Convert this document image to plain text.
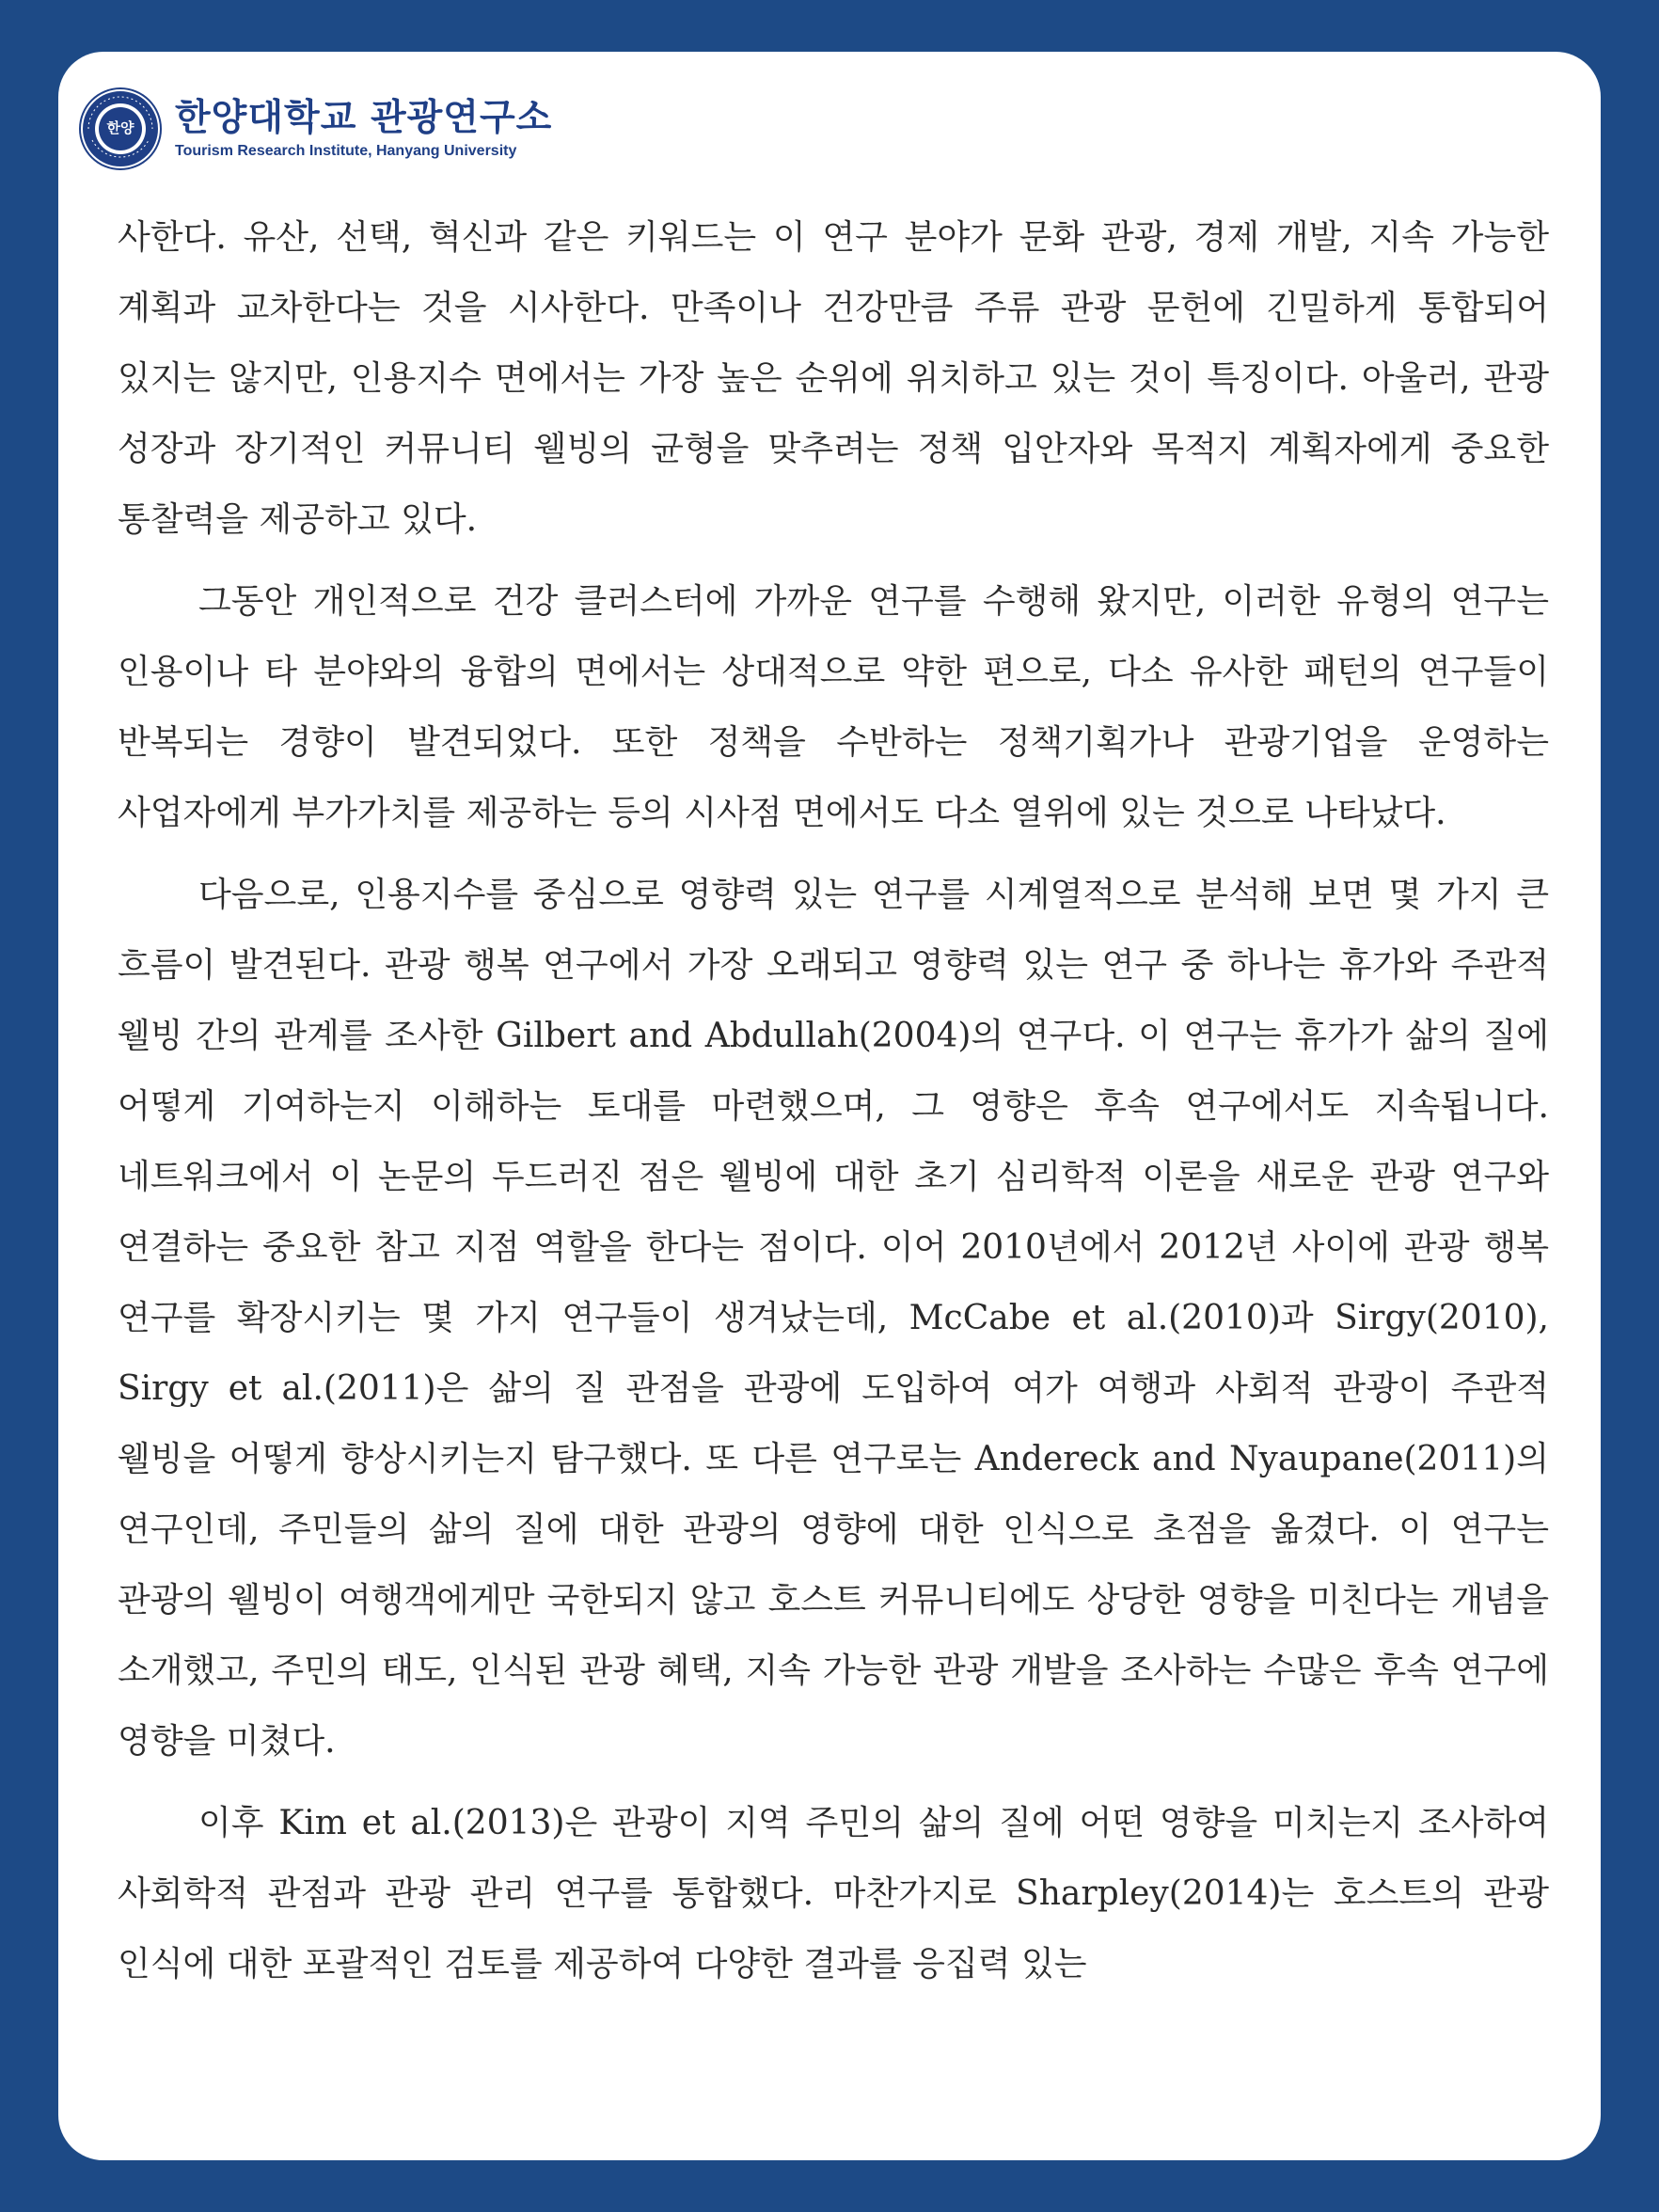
한양	한양대학교 관광연구소
Tourism Research Institute, Hanyang University

사한다. 유산, 선택, 혁신과 같은 키워드는 이 연구 분야가 문화 관광, 경제 개발, 지속 가능한 계획과 교차한다는 것을 시사한다. 만족이나 건강만큼 주류 관광 문헌에 긴밀하게 통합되어 있지는 않지만, 인용지수 면에서는 가장 높은 순위에 위치하고 있는 것이 특징이다. 아울러, 관광 성장과 장기적인 커뮤니티 웰빙의 균형을 맞추려는 정책 입안자와 목적지 계획자에게 중요한 통찰력을 제공하고 있다.

그동안 개인적으로 건강 클러스터에 가까운 연구를 수행해 왔지만, 이러한 유형의 연구는 인용이나 타 분야와의 융합의 면에서는 상대적으로 약한 편으로, 다소 유사한 패턴의 연구들이 반복되는 경향이 발견되었다. 또한 정책을 수반하는 정책기획가나 관광기업을 운영하는 사업자에게 부가가치를 제공하는 등의 시사점 면에서도 다소 열위에 있는 것으로 나타났다.

다음으로, 인용지수를 중심으로 영향력 있는 연구를 시계열적으로 분석해 보면 몇 가지 큰 흐름이 발견된다. 관광 행복 연구에서 가장 오래되고 영향력 있는 연구 중 하나는 휴가와 주관적 웰빙 간의 관계를 조사한 Gilbert and Abdullah(2004)의 연구다. 이 연구는 휴가가 삶의 질에 어떻게 기여하는지 이해하는 토대를 마련했으며, 그 영향은 후속 연구에서도 지속됩니다. 네트워크에서 이 논문의 두드러진 점은 웰빙에 대한 초기 심리학적 이론을 새로운 관광 연구와 연결하는 중요한 참고 지점 역할을 한다는 점이다. 이어 2010년에서 2012년 사이에 관광 행복 연구를 확장시키는 몇 가지 연구들이 생겨났는데, McCabe et al.(2010)과 Sirgy(2010), Sirgy et al.(2011)은 삶의 질 관점을 관광에 도입하여 여가 여행과 사회적 관광이 주관적 웰빙을 어떻게 향상시키는지 탐구했다. 또 다른 연구로는 Andereck and Nyaupane(2011)의 연구인데, 주민들의 삶의 질에 대한 관광의 영향에 대한 인식으로 초점을 옮겼다. 이 연구는 관광의 웰빙이 여행객에게만 국한되지 않고 호스트 커뮤니티에도 상당한 영향을 미친다는 개념을 소개했고, 주민의 태도, 인식된 관광 혜택, 지속 가능한 관광 개발을 조사하는 수많은 후속 연구에 영향을 미쳤다.

이후 Kim et al.(2013)은 관광이 지역 주민의 삶의 질에 어떤 영향을 미치는지 조사하여 사회학적 관점과 관광 관리 연구를 통합했다. 마찬가지로 Sharpley(2014)는 호스트의 관광 인식에 대한 포괄적인 검토를 제공하여 다양한 결과를 응집력 있는
